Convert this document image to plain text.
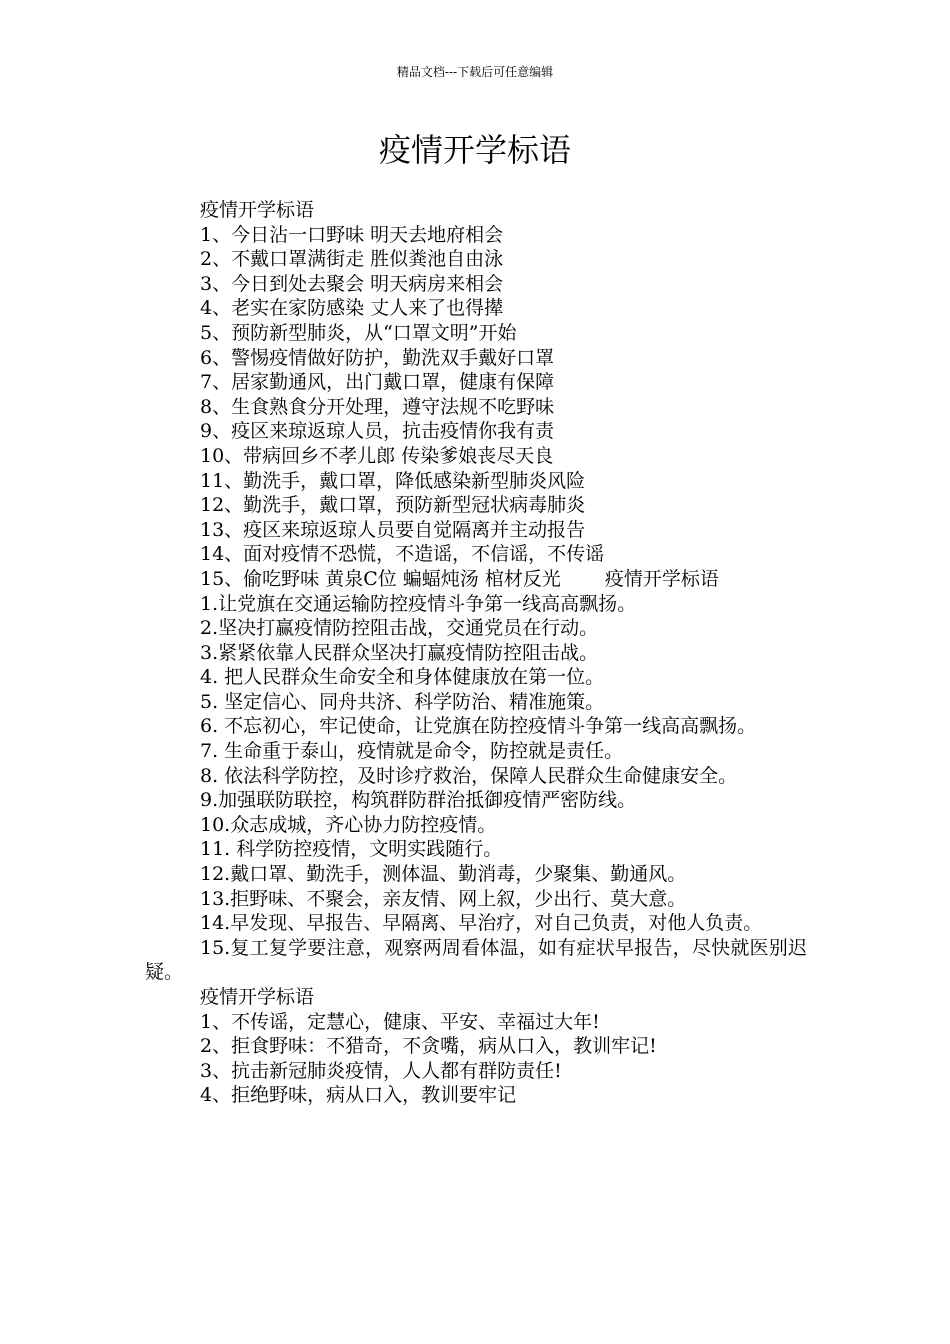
精品文档---下载后可任意编辑
疫情开学标语

疫情开学标语

1、今日沾一口野味 明天去地府相会

2、不戴口罩满街走 胜似粪池自由泳

3、今日到处去聚会 明天病房来相会

4、老实在家防感染 丈人来了也得撵

5、预防新型肺炎，从“口罩文明”开始

6、警惕疫情做好防护，勤洗双手戴好口罩

7、居家勤通风，出门戴口罩，健康有保障

8、生食熟食分开处理，遵守法规不吃野味

9、疫区来琼返琼人员，抗击疫情你我有责

10、带病回乡不孝儿郎 传染爹娘丧尽天良

11、勤洗手，戴口罩，降低感染新型肺炎风险

12、勤洗手，戴口罩，预防新型冠状病毒肺炎

13、疫区来琼返琼人员要自觉隔离并主动报告

14、面对疫情不恐慌，不造谣，不信谣，不传谣

15、偷吃野味 黄泉C位 蝙蝠炖汤 棺材反光 疫情开学标语

1.让党旗在交通运输防控疫情斗争第一线高高飘扬。

2.坚决打赢疫情防控阻击战，交通党员在行动。

3.紧紧依靠人民群众坚决打赢疫情防控阻击战。

4. 把人民群众生命安全和身体健康放在第一位。

5. 坚定信心、同舟共济、科学防治、精准施策。

6. 不忘初心，牢记使命，让党旗在防控疫情斗争第一线高高飘扬。

7. 生命重于泰山，疫情就是命令，防控就是责任。

8. 依法科学防控，及时诊疗救治，保障人民群众生命健康安全。

9.加强联防联控，构筑群防群治抵御疫情严密防线。

10.众志成城，齐心协力防控疫情。

11. 科学防控疫情，文明实践随行。

12.戴口罩、勤洗手，测体温、勤消毒，少聚集、勤通风。

13.拒野味、不聚会，亲友情、网上叙，少出行、莫大意。

14.早发现、早报告、早隔离、早治疗，对自己负责，对他人负责。

15.复工复学要注意，观察两周看体温，如有症状早报告，尽快就医别迟疑。

疫情开学标语

1、不传谣，定慧心，健康、平安、幸福过大年!

2、拒食野味：不猎奇，不贪嘴，病从口入，教训牢记!

3、抗击新冠肺炎疫情，人人都有群防责任!

4、拒绝野味，病从口入，教训要牢记
